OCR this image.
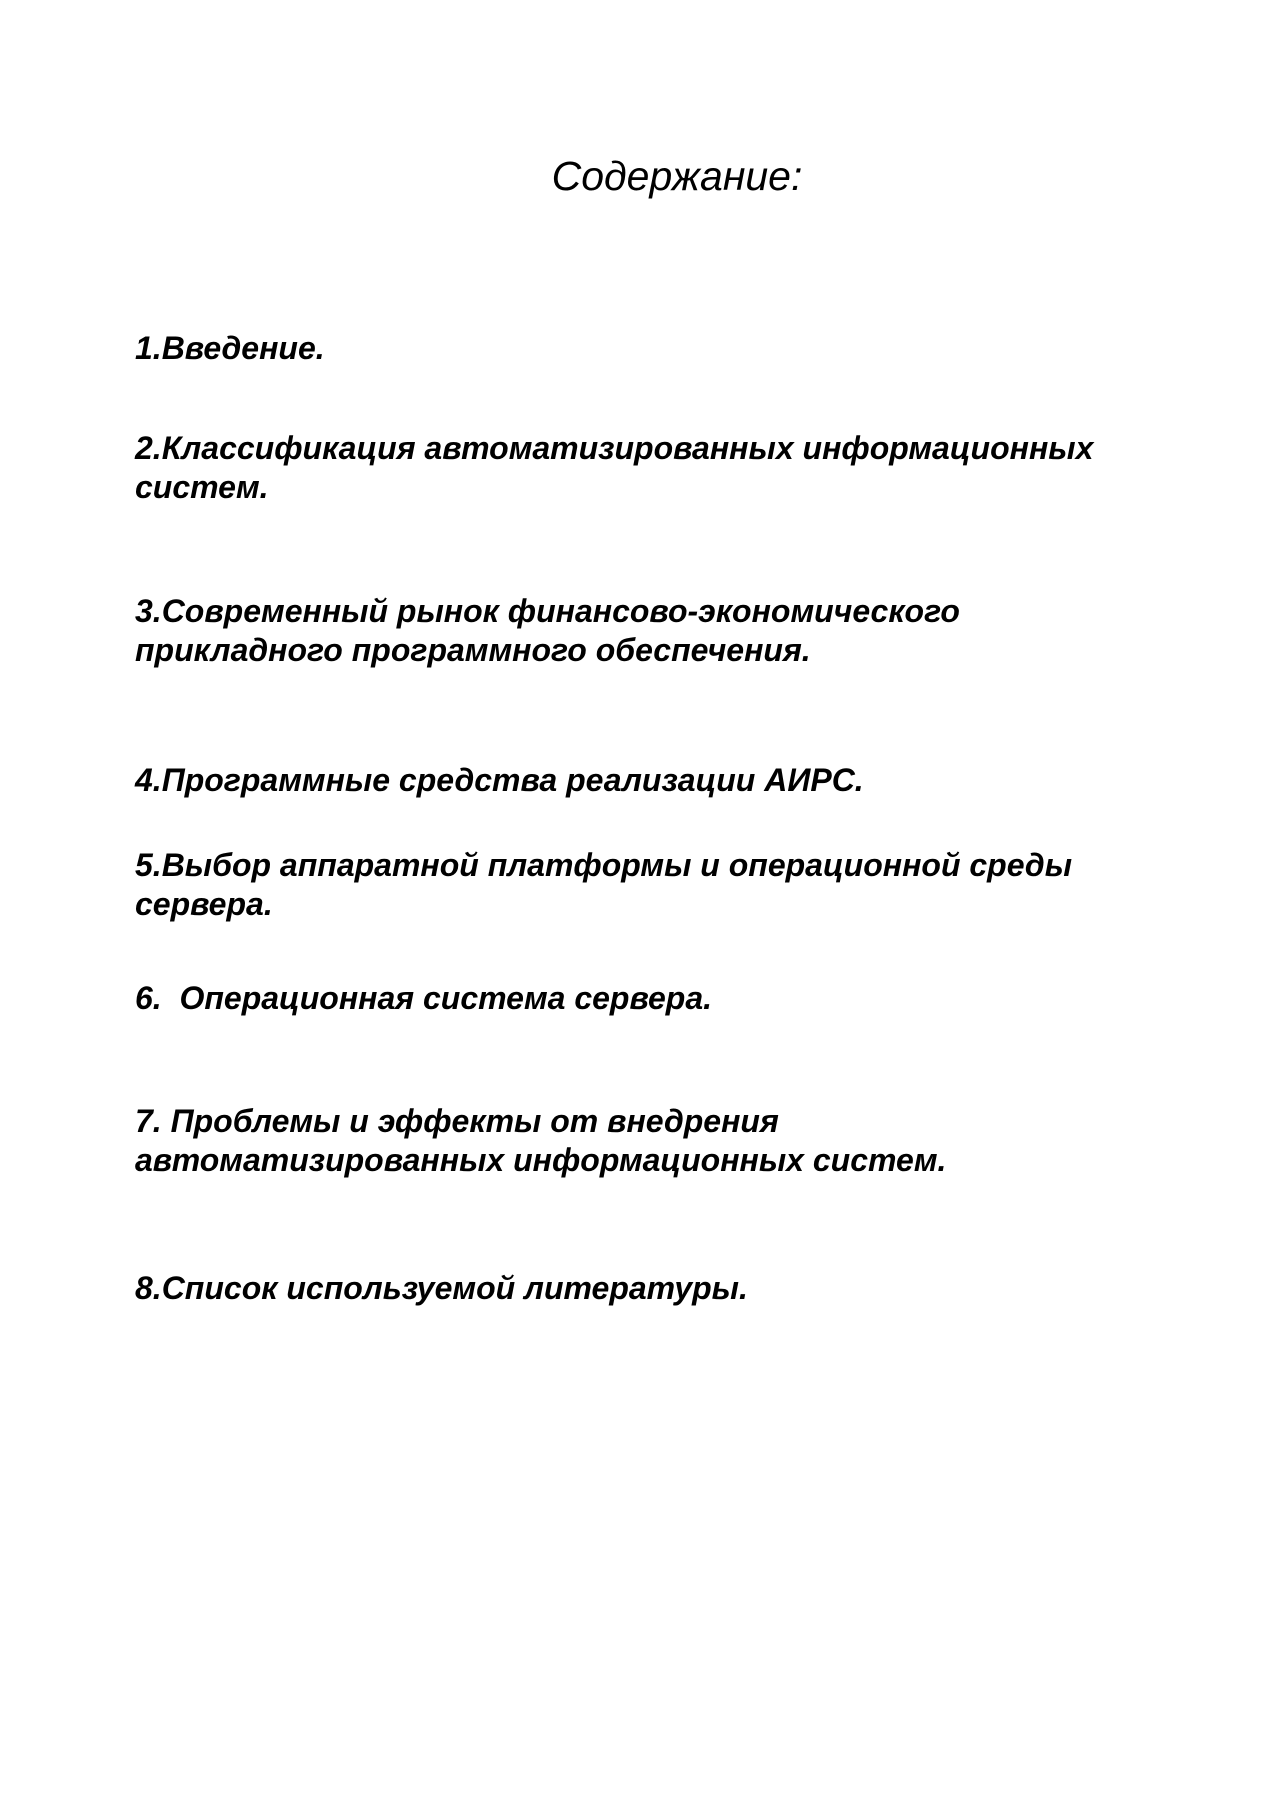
Содержание:

1.Введение.

2.Классификация автоматизированных информационных
систем.

3.Современный рынок финансово-экономического
прикладного программного обеспечения.

4.Программные средства реализации АИРС.

5.Выбор аппаратной платформы и операционной среды
сервера.

6.  Операционная система сервера.

7. Проблемы и эффекты от внедрения
автоматизированных информационных систем.

8.Список используемой литературы.
